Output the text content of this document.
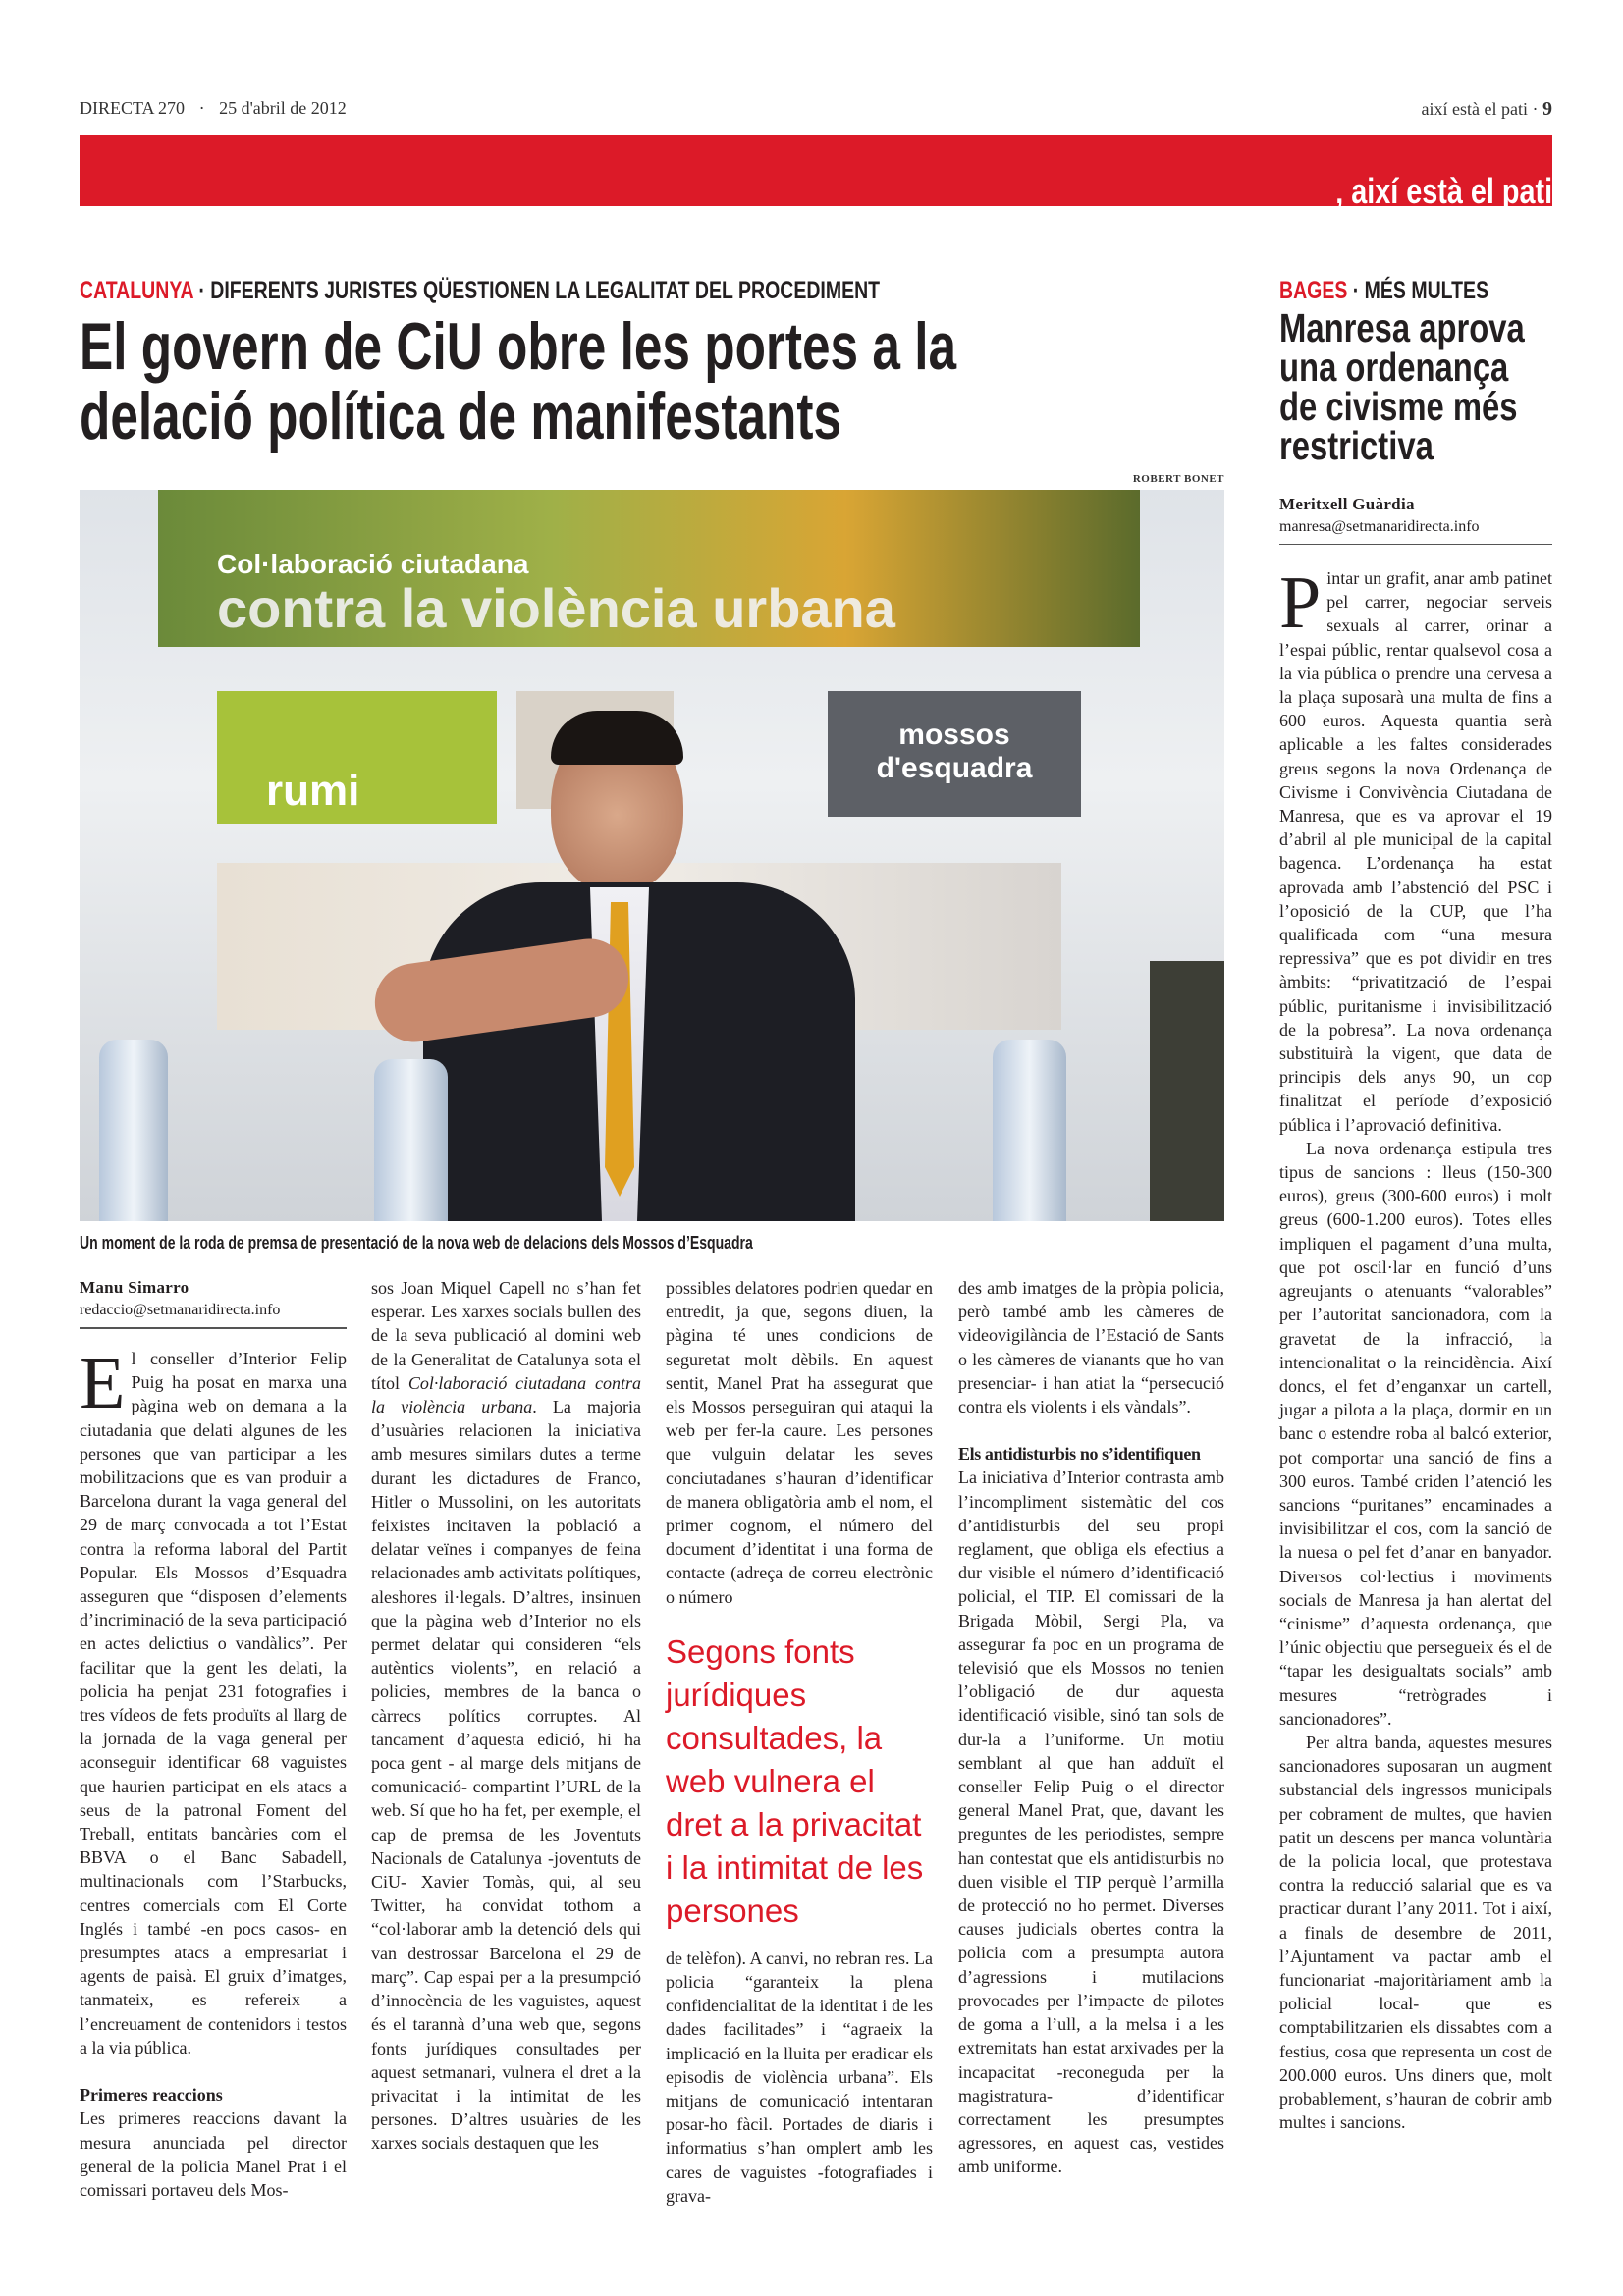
DIRECTA 270 · 25 d'abril de 2012	així està el pati · 9
‚ així està el pati
CATALUNYA · DIFERENTS JURISTES QÜESTIONEN LA LEGALITAT DEL PROCEDIMENT
El govern de CiU obre les portes a la
delació política de manifestants
ROBERT BONET
Col·laboració ciutadana
contra la violència urbana
rumi
mossos
d'esquadra
Un moment de la roda de premsa de presentació de la nova web de delacions dels Mossos d’Esquadra
Manu Simarro
redaccio@setmanaridirecta.info

El conseller d’Interior Felip Puig ha posat en marxa una pàgina web on demana a la ciutadania que delati algunes de les persones que van participar a les mobilitzacions que es van produir a Barcelona durant la vaga general del 29 de març convocada a tot l’Estat contra la reforma laboral del Partit Popular. Els Mossos d’Esquadra asseguren que “disposen d’elements d’incriminació de la seva participació en actes delictius o vandàlics”. Per facilitar que la gent les delati, la policia ha penjat 231 fotografies i tres vídeos de fets produïts al llarg de la jornada de la vaga general per aconseguir identificar 68 vaguistes que haurien participat en els atacs a seus de la patronal Foment del Treball, entitats bancàries com el BBVA o el Banc Sabadell, multinacionals com l’Starbucks, centres comercials com El Corte Inglés i també -en pocs casos- en presumptes atacs a empresariat i agents de paisà. El gruix d’imatges, tanmateix, es refereix a l’encreuament de contenidors i testos a la via pública.

Primeres reaccions

Les primeres reaccions davant la mesura anunciada pel director general de la policia Manel Prat i el comissari portaveu dels Mos-

sos Joan Miquel Capell no s’han fet esperar. Les xarxes socials bullen des de la seva publicació al domini web de la Generalitat de Catalunya sota el títol Col·laboració ciutadana contra la violència urbana. La majoria d’usuàries relacionen la iniciativa amb mesures similars dutes a terme durant les dictadures de Franco, Hitler o Mussolini, on les autoritats feixistes incitaven la població a delatar veïnes i companyes de feina relacionades amb activitats polítiques, aleshores il·legals. D’altres, insinuen que la pàgina web d’Interior no els permet delatar qui consideren “els autèntics violents”, en relació a policies, membres de la banca o càrrecs polítics corruptes. Al tancament d’aquesta edició, hi ha poca gent - al marge dels mitjans de comunicació- compartint l’URL de la web. Sí que ho ha fet, per exemple, el cap de premsa de les Joventuts Nacionals de Catalunya -joventuts de CiU- Xavier Tomàs, qui, al seu Twitter, ha convidat tothom a “col·laborar amb la detenció dels qui van destrossar Barcelona el 29 de març”. Cap espai per a la presumpció d’innocència de les vaguistes, aquest és el tarannà d’una web que, segons fonts jurídiques consultades per aquest setmanari, vulnera el dret a la privacitat i la intimitat de les persones. D’altres usuàries de les xarxes socials destaquen que les

possibles delatores podrien quedar en entredit, ja que, segons diuen, la pàgina té unes condicions de seguretat molt dèbils. En aquest sentit, Manel Prat ha assegurat que els Mossos perseguiran qui ataqui la web per fer-la caure. Les persones que vulguin delatar les seves conciutadanes s’hauran d’identificar de manera obligatòria amb el nom, el primer cognom, el número del document d’identitat i una forma de contacte (adreça de correu electrònic o número

Segons fonts jurídiques consultades, la web vulnera el dret a la privacitat i la intimitat de les persones

de telèfon). A canvi, no rebran res. La policia “garanteix la plena confidencialitat de la identitat i de les dades facilitades” i “agraeix la implicació en la lluita per eradicar els episodis de violència urbana”. Els mitjans de comunicació intentaran posar-ho fàcil. Portades de diaris i informatius s’han omplert amb les cares de vaguistes -fotografiades i grava-

des amb imatges de la pròpia policia, però també amb les càmeres de videovigilància de l’Estació de Sants o les càmeres de vianants que ho van presenciar- i han atiat la “persecució contra els violents i els vàndals”.

Els antidisturbis no s’identifiquen

La iniciativa d’Interior contrasta amb l’incompliment sistemàtic del cos d’antidisturbis del seu propi reglament, que obliga els efectius a dur visible el número d’identificació policial, el TIP. El comissari de la Brigada Mòbil, Sergi Pla, va assegurar fa poc en un programa de televisió que els Mossos no tenien l’obligació de dur aquesta identificació visible, sinó tan sols de dur-la a l’uniforme. Un motiu semblant al que han adduït el conseller Felip Puig o el director general Manel Prat, que, davant les preguntes de les periodistes, sempre han contestat que els antidisturbis no duen visible el TIP perquè l’armilla de protecció no ho permet. Diverses causes judicials obertes contra la policia com a presumpta autora d’agressions i mutilacions provocades per l’impacte de pilotes de goma a l’ull, a la melsa i a les extremitats han estat arxivades per la incapacitat -reconeguda per la magistratura- d’identificar correctament les presumptes agressores, en aquest cas, vestides amb uniforme.

BAGES · MÉS MULTES
Manresa aprova una ordenança de civisme més restrictiva
Meritxell Guàrdia
manresa@setmanaridirecta.info

Pintar un grafit, anar amb patinet pel carrer, negociar serveis sexuals al carrer, orinar a l’espai públic, rentar qualsevol cosa a la via pública o prendre una cervesa a la plaça suposarà una multa de fins a 600 euros. Aquesta quantia serà aplicable a les faltes considerades greus segons la nova Ordenança de Civisme i Convivència Ciutadana de Manresa, que es va aprovar el 19 d’abril al ple municipal de la capital bagenca. L’ordenança ha estat aprovada amb l’abstenció del PSC i l’oposició de la CUP, que l’ha qualificada com “una mesura repressiva” que es pot dividir en tres àmbits: “privatització de l’espai públic, puritanisme i invisibilització de la pobresa”. La nova ordenança substituirà la vigent, que data de principis dels anys 90, un cop finalitzat el període d’exposició pública i l’aprovació definitiva.

La nova ordenança estipula tres tipus de sancions : lleus (150-300 euros), greus (300-600 euros) i molt greus (600-1.200 euros). Totes elles impliquen el pagament d’una multa, que pot oscil·lar en funció d’uns agreujants o atenuants “valorables” per l’autoritat sancionadora, com la gravetat de la infracció, la intencionalitat o la reincidència. Així doncs, el fet d’enganxar un cartell, jugar a pilota a la plaça, dormir en un banc o estendre roba al balcó exterior, pot comportar una sanció de fins a 300 euros. També criden l’atenció les sancions “puritanes” encaminades a invisibilitzar el cos, com la sanció de la nuesa o pel fet d’anar en banyador. Diversos col·lectius i moviments socials de Manresa ja han alertat del “cinisme” d’aquesta ordenança, que l’únic objectiu que persegueix és el de “tapar les desigualtats socials” amb mesures “retrògrades i sancionadores”.

Per altra banda, aquestes mesures sancionadores suposaran un augment substancial dels ingressos municipals per cobrament de multes, que havien patit un descens per manca voluntària de la policia local, que protestava contra la reducció salarial que es va practicar durant l’any 2011. Tot i així, a finals de desembre de 2011, l’Ajuntament va pactar amb el funcionariat -majoritàriament amb la policial local- que es comptabilitzarien els dissabtes com a festius, cosa que representa un cost de 200.000 euros. Uns diners que, molt probablement, s’hauran de cobrir amb multes i sancions.
